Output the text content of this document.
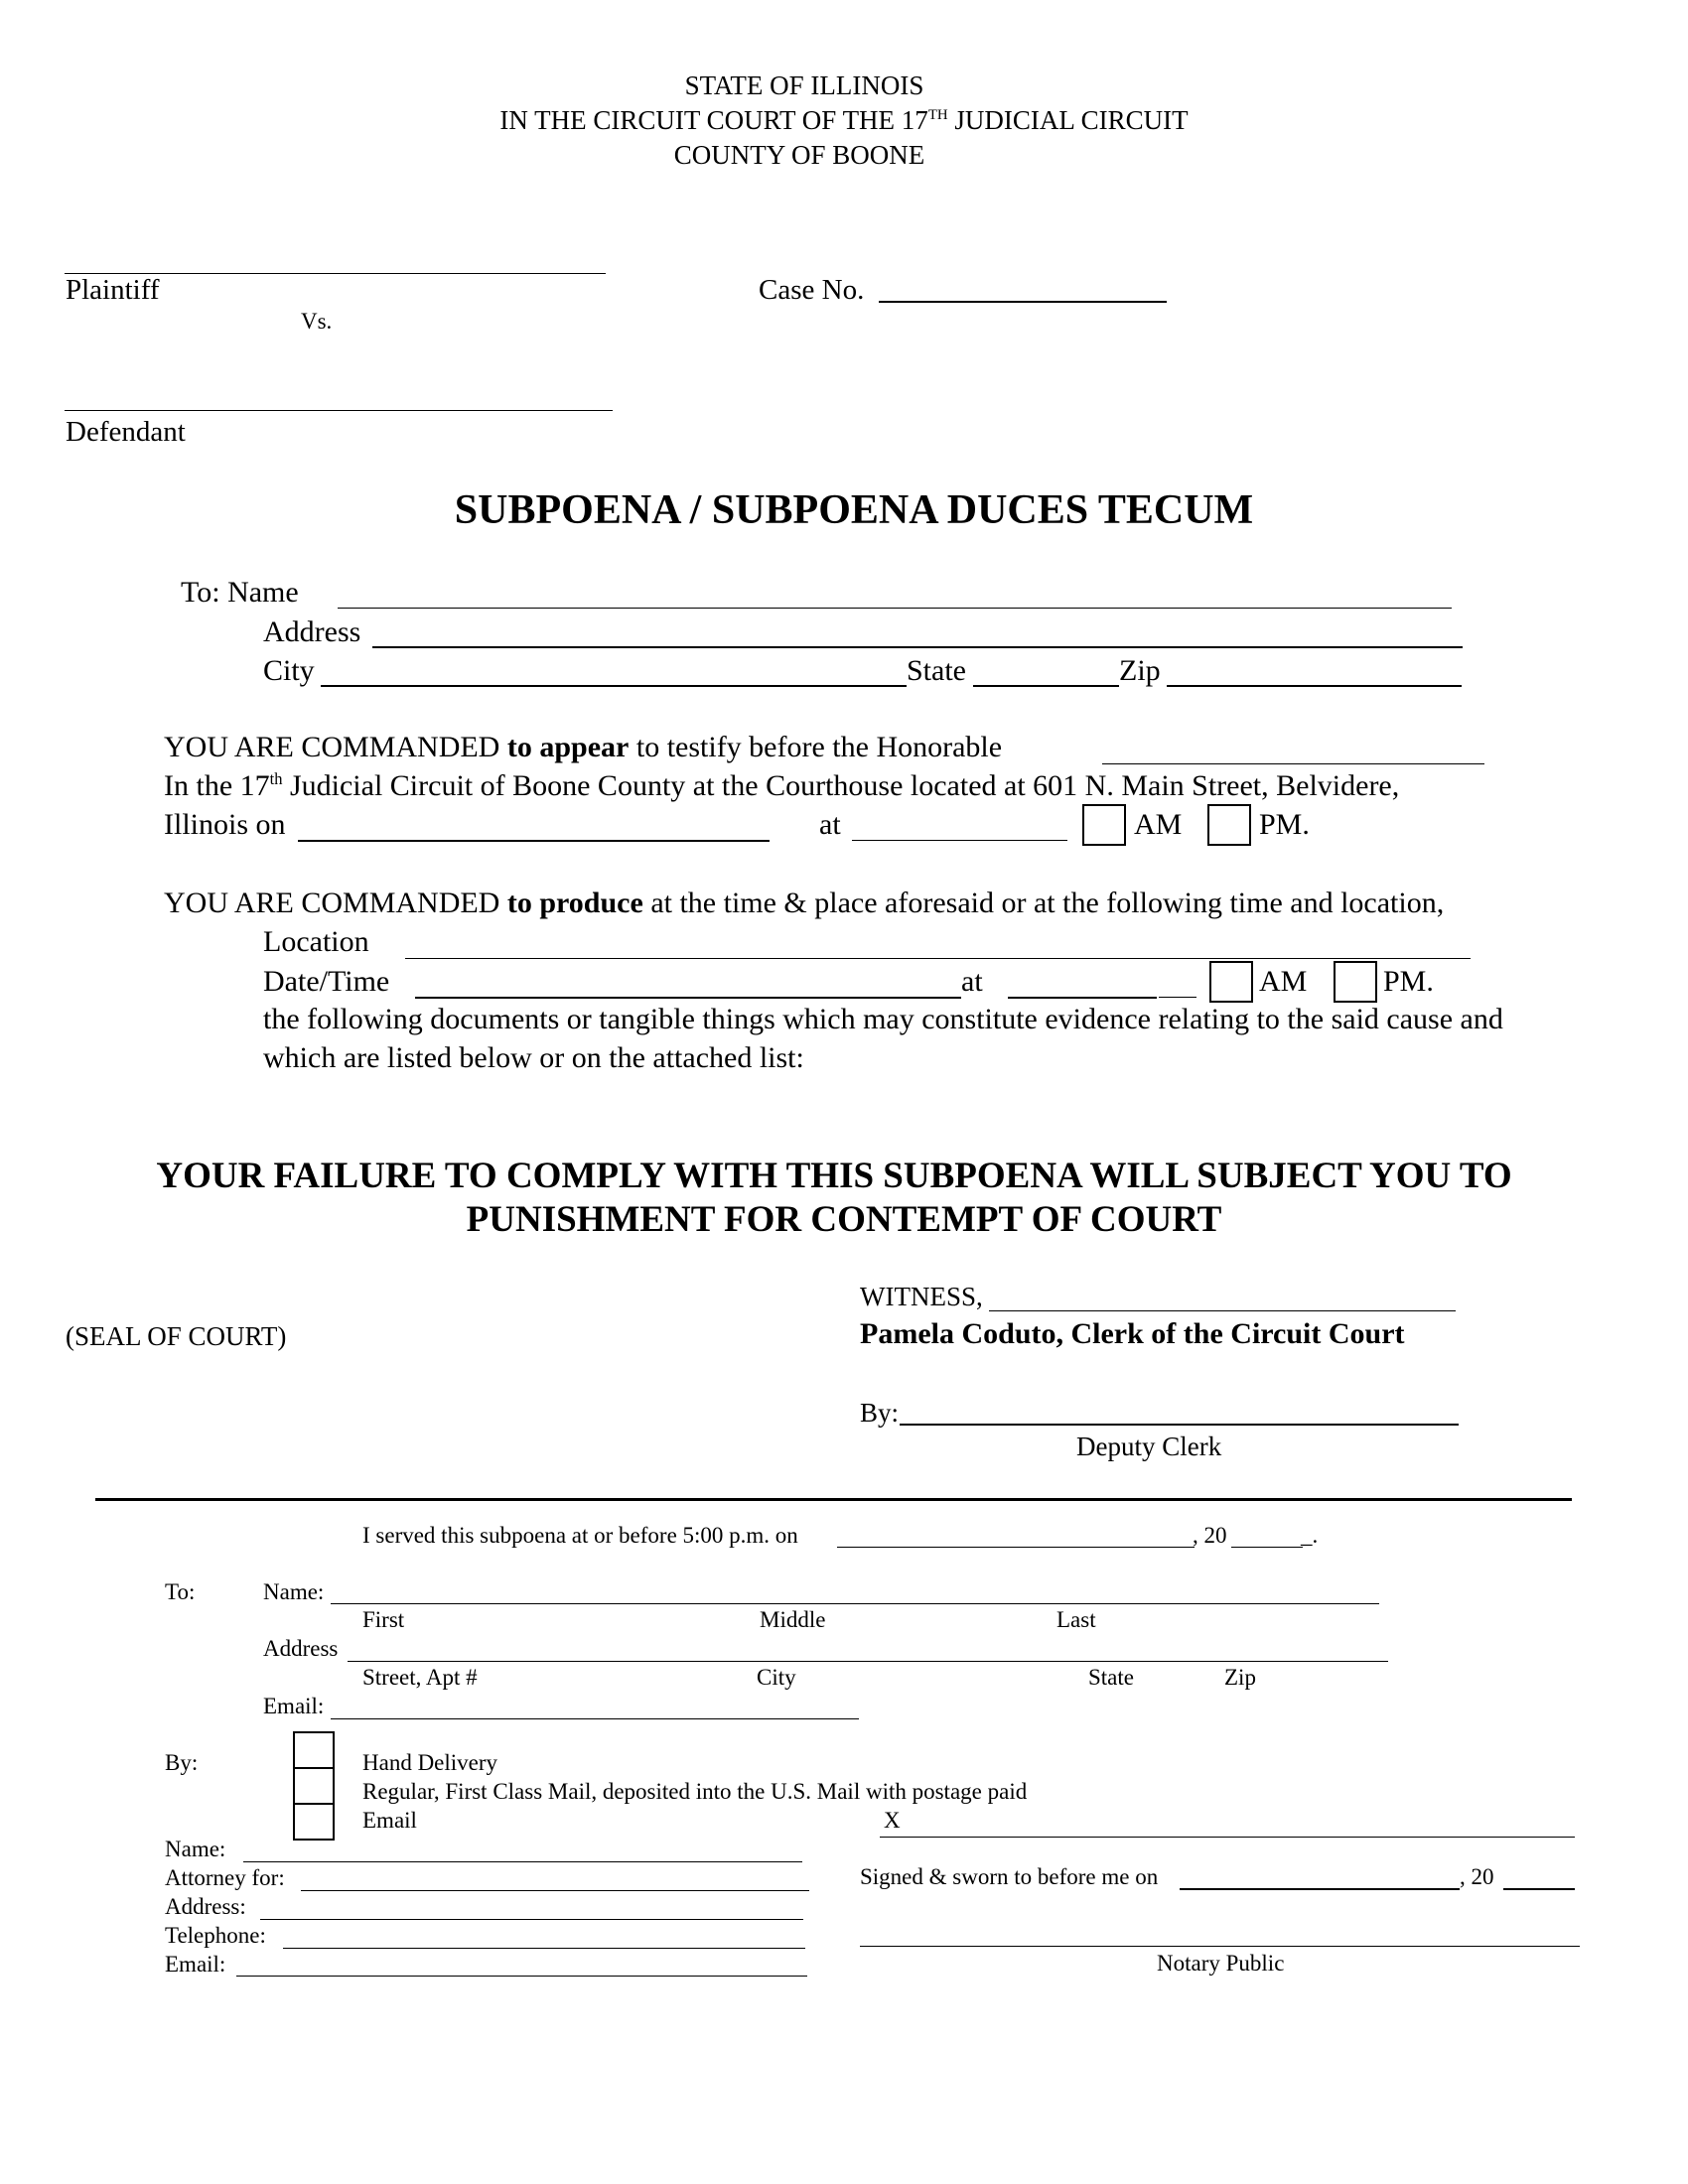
STATE OF ILLINOIS
IN THE CIRCUIT COURT OF THE 17TH JUDICIAL CIRCUIT
COUNTY OF BOONE
Plaintiff
Vs.
Case No.
Defendant
SUBPOENA / SUBPOENA DUCES TECUM
To: Name
Address
City	State	Zip
YOU ARE COMMANDED to appear to testify before the Honorable
In the 17th Judicial Circuit of Boone County at the Courthouse located at 601 N. Main Street, Belvidere,
Illinois on	at	AM	PM.
YOU ARE COMMANDED to produce at the time & place aforesaid or at the following time and location,
Location
Date/Time	at	AM	PM.
the following documents or tangible things which may constitute evidence relating to the said cause and
which are listed below or on the attached list:
YOUR FAILURE TO COMPLY WITH THIS SUBPOENA WILL SUBJECT YOU TO
PUNISHMENT FOR CONTEMPT OF COURT
WITNESS,
(SEAL OF COURT)	Pamela Coduto, Clerk of the Circuit Court
By:
Deputy Clerk
I served this subpoena at or before 5:00 p.m. on	, 20	_.
To:	Name:
First	Middle	Last
Address
Street, Apt #	City	State	Zip
Email:
By:	Hand Delivery
Regular, First Class Mail, deposited into the U.S. Mail with postage paid
Email	X
Name:
Attorney for:
Address:
Telephone:
Email:
Signed & sworn to before me on	, 20
Notary Public
